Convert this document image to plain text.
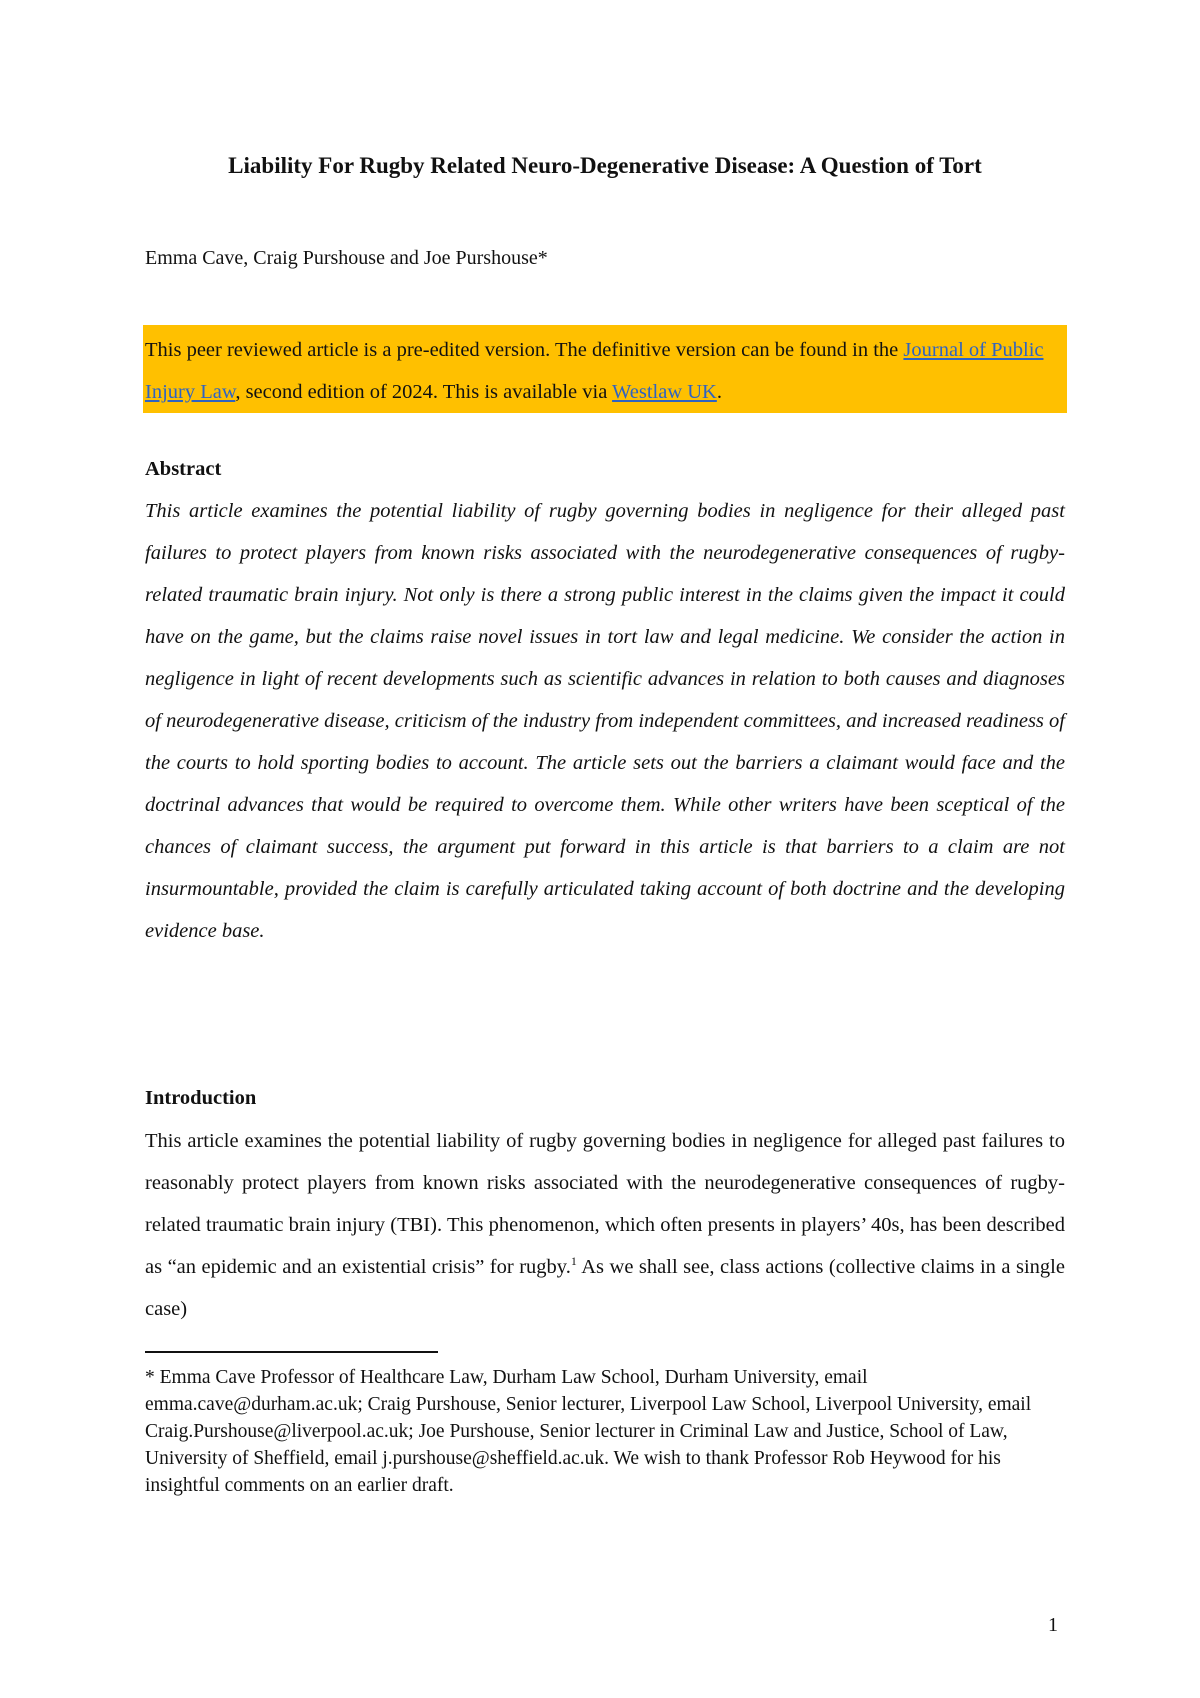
Liability For Rugby Related Neuro-Degenerative Disease: A Question of Tort
Emma Cave, Craig Purshouse and Joe Purshouse*
This peer reviewed article is a pre-edited version. The definitive version can be found in the Journal of Public Injury Law, second edition of 2024. This is available via Westlaw UK.
Abstract
This article examines the potential liability of rugby governing bodies in negligence for their alleged past failures to protect players from known risks associated with the neurodegenerative consequences of rugby-related traumatic brain injury. Not only is there a strong public interest in the claims given the impact it could have on the game, but the claims raise novel issues in tort law and legal medicine. We consider the action in negligence in light of recent developments such as scientific advances in relation to both causes and diagnoses of neurodegenerative disease, criticism of the industry from independent committees, and increased readiness of the courts to hold sporting bodies to account. The article sets out the barriers a claimant would face and the doctrinal advances that would be required to overcome them. While other writers have been sceptical of the chances of claimant success, the argument put forward in this article is that barriers to a claim are not insurmountable, provided the claim is carefully articulated taking account of both doctrine and the developing evidence base.
Introduction
This article examines the potential liability of rugby governing bodies in negligence for alleged past failures to reasonably protect players from known risks associated with the neurodegenerative consequences of rugby-related traumatic brain injury (TBI). This phenomenon, which often presents in players’ 40s, has been described as “an epidemic and an existential crisis” for rugby.$^1$ As we shall see, class actions (collective claims in a single case)
* Emma Cave Professor of Healthcare Law, Durham Law School, Durham University, email emma.cave@durham.ac.uk; Craig Purshouse, Senior lecturer, Liverpool Law School, Liverpool University, email Craig.Purshouse@liverpool.ac.uk; Joe Purshouse, Senior lecturer in Criminal Law and Justice, School of Law, University of Sheffield, email j.purshouse@sheffield.ac.uk. We wish to thank Professor Rob Heywood for his insightful comments on an earlier draft.
1
